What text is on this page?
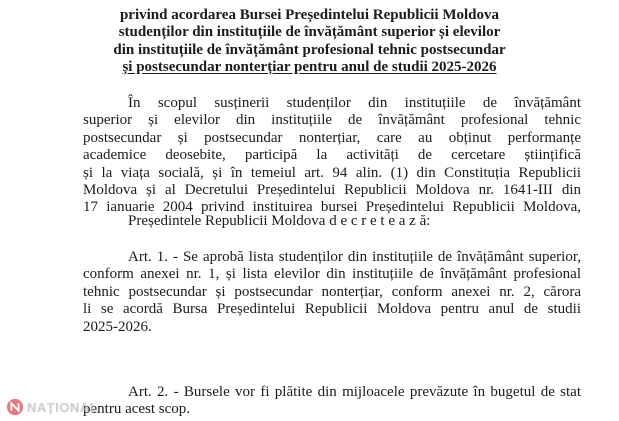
privind acordarea Bursei Președintelui Republicii Moldova
studenților din instituțiile de învățământ superior și elevilor
din instituțiile de învățământ profesional tehnic postsecundar
și postsecundar nonterțiar pentru anul de studii 2025-2026
În scopul susținerii studenților din instituțiile de învățământ
superior și elevilor din instituțiile de învățământ profesional tehnic
postsecundar și postsecundar nonterțiar, care au obținut performanțe
academice deosebite, participă la activități de cercetare științifică
și la viața socială, și în temeiul art. 94 alin. (1) din Constituția Republicii
Moldova și al Decretului Președintelui Republicii Moldova nr. 1641-III din
17 ianuarie 2004 privind instituirea bursei Președintelui Republicii Moldova,
Președintele Republicii Moldova d e c r e t e a z ă:
Art. 1. - Se aprobă lista studenților din instituțiile de învățământ superior,
conform anexei nr. 1, și lista elevilor din instituțiile de învățământ profesional
tehnic postsecundar și postsecundar nonterțiar, conform anexei nr. 2, cărora
li se acordă Bursa Președintelui Republicii Moldova pentru anul de studii
2025-2026.
Art. 2. - Bursele vor fi plătite din mijloacele prevăzute în bugetul de stat
pentru acest scop.
NAȚIONAL
